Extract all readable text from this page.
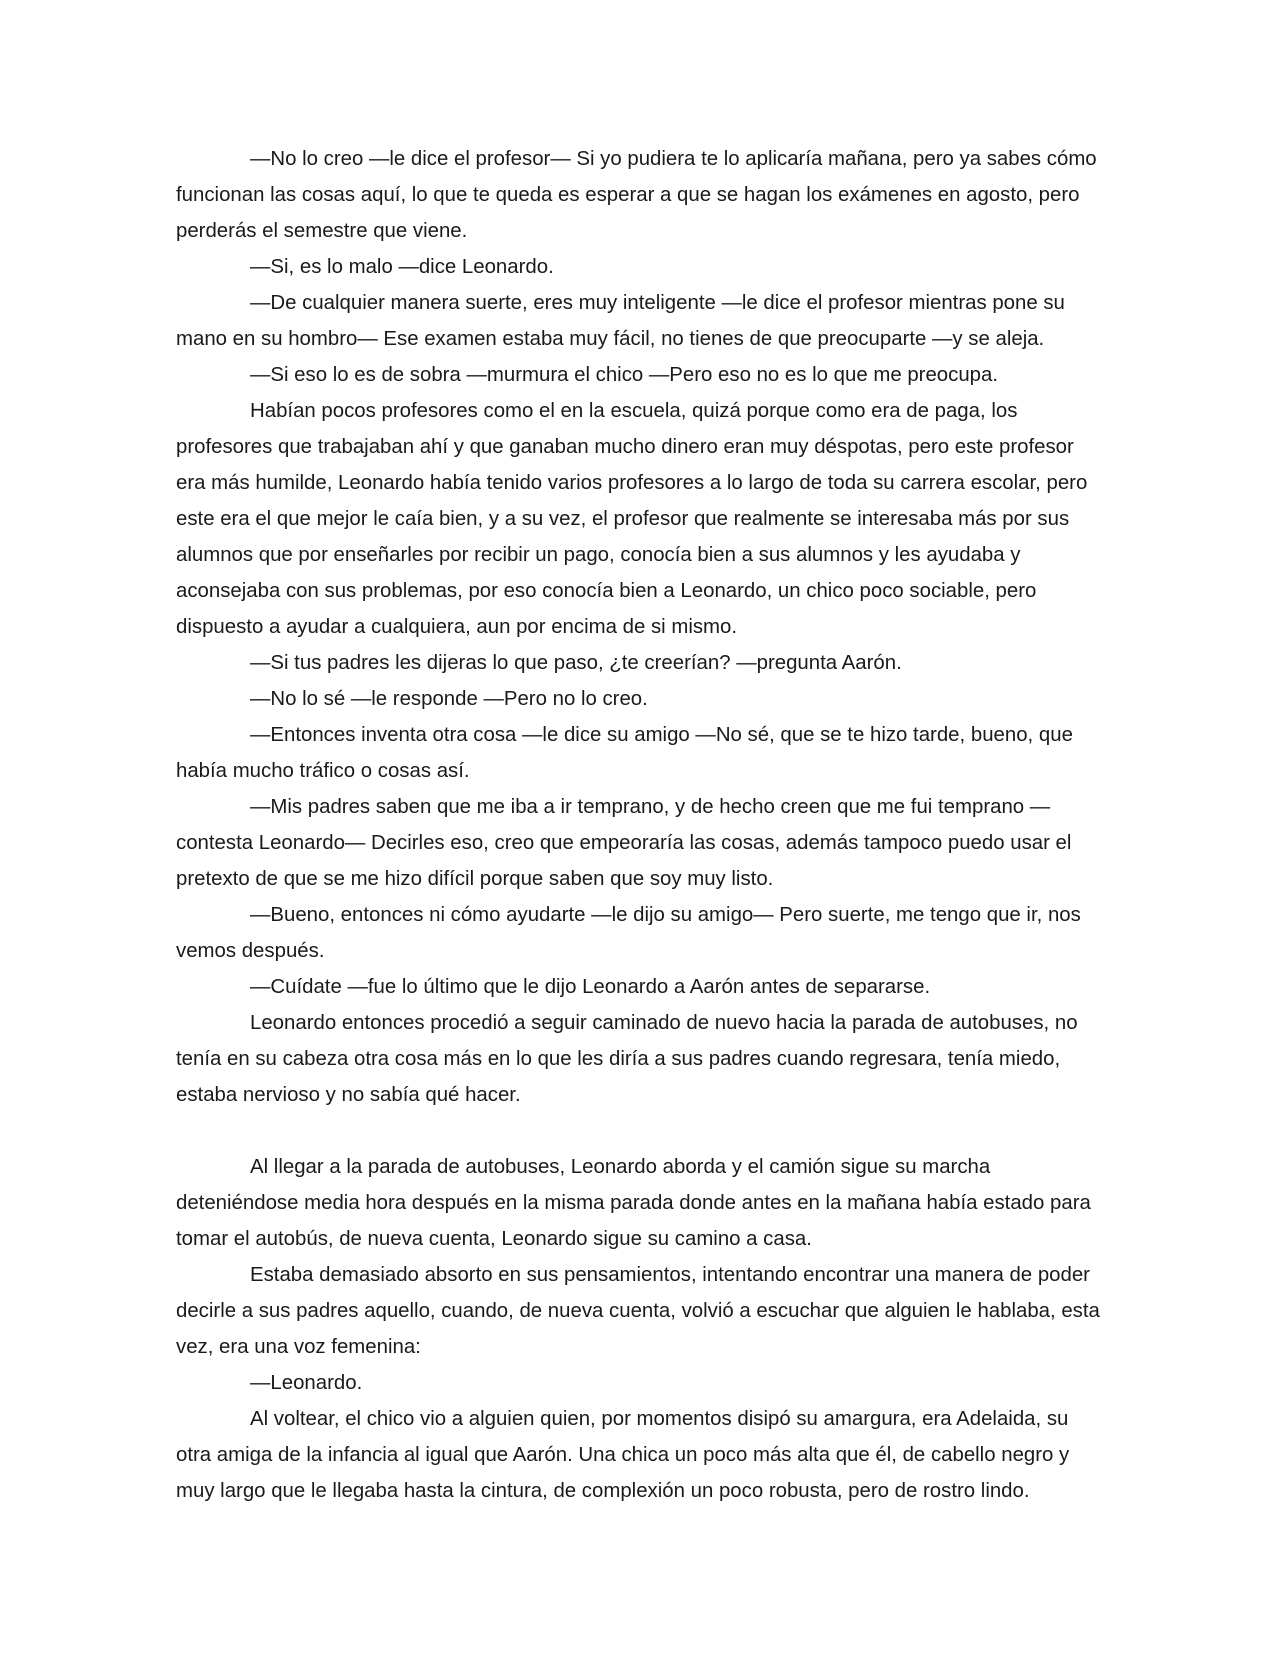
—No lo creo —le dice el profesor— Si yo pudiera te lo aplicaría mañana, pero ya sabes cómo funcionan las cosas aquí, lo que te queda es esperar a que se hagan los exámenes en agosto, pero perderás el semestre que viene.

—Si, es lo malo —dice Leonardo.

—De cualquier manera suerte, eres muy inteligente —le dice el profesor mientras pone su mano en su hombro— Ese examen estaba muy fácil, no tienes de que preocuparte —y se aleja.

—Si eso lo es de sobra —murmura el chico —Pero eso no es lo que me preocupa.

Habían pocos profesores como el en la escuela, quizá porque como era de paga, los profesores que trabajaban ahí y que ganaban mucho dinero eran muy déspotas, pero este profesor era más humilde, Leonardo había tenido varios profesores a lo largo de toda su carrera escolar, pero este era el que mejor le caía bien, y a su vez, el profesor que realmente se interesaba más por sus alumnos que por enseñarles por recibir un pago, conocía bien a sus alumnos y les ayudaba y aconsejaba con sus problemas, por eso conocía bien a Leonardo, un chico poco sociable, pero dispuesto a ayudar a cualquiera, aun por encima de si mismo.

—Si tus padres les dijeras lo que paso, ¿te creerían? —pregunta Aarón.

—No lo sé —le responde —Pero no lo creo.

—Entonces inventa otra cosa —le dice su amigo —No sé, que se te hizo tarde, bueno, que había mucho tráfico o cosas así.

—Mis padres saben que me iba a ir temprano, y de hecho creen que me fui temprano —contesta Leonardo— Decirles eso, creo que empeoraría las cosas, además tampoco puedo usar el pretexto de que se me hizo difícil porque saben que soy muy listo.

—Bueno, entonces ni cómo ayudarte —le dijo su amigo— Pero suerte, me tengo que ir, nos vemos después.

—Cuídate —fue lo último que le dijo Leonardo a Aarón antes de separarse.

Leonardo entonces procedió a seguir caminado de nuevo hacia la parada de autobuses, no tenía en su cabeza otra cosa más en lo que les diría a sus padres cuando regresara, tenía miedo, estaba nervioso y no sabía qué hacer.

Al llegar a la parada de autobuses, Leonardo aborda y el camión sigue su marcha deteniéndose media hora después en la misma parada donde antes en la mañana había estado para tomar el autobús, de nueva cuenta, Leonardo sigue su camino a casa.

Estaba demasiado absorto en sus pensamientos, intentando encontrar una manera de poder decirle a sus padres aquello, cuando, de nueva cuenta, volvió a escuchar que alguien le hablaba, esta vez, era una voz femenina:

—Leonardo.

Al voltear, el chico vio a alguien quien, por momentos disipó su amargura, era Adelaida, su otra amiga de la infancia al igual que Aarón. Una chica un poco más alta que él, de cabello negro y muy largo que le llegaba hasta la cintura, de complexión un poco robusta, pero de rostro lindo.
